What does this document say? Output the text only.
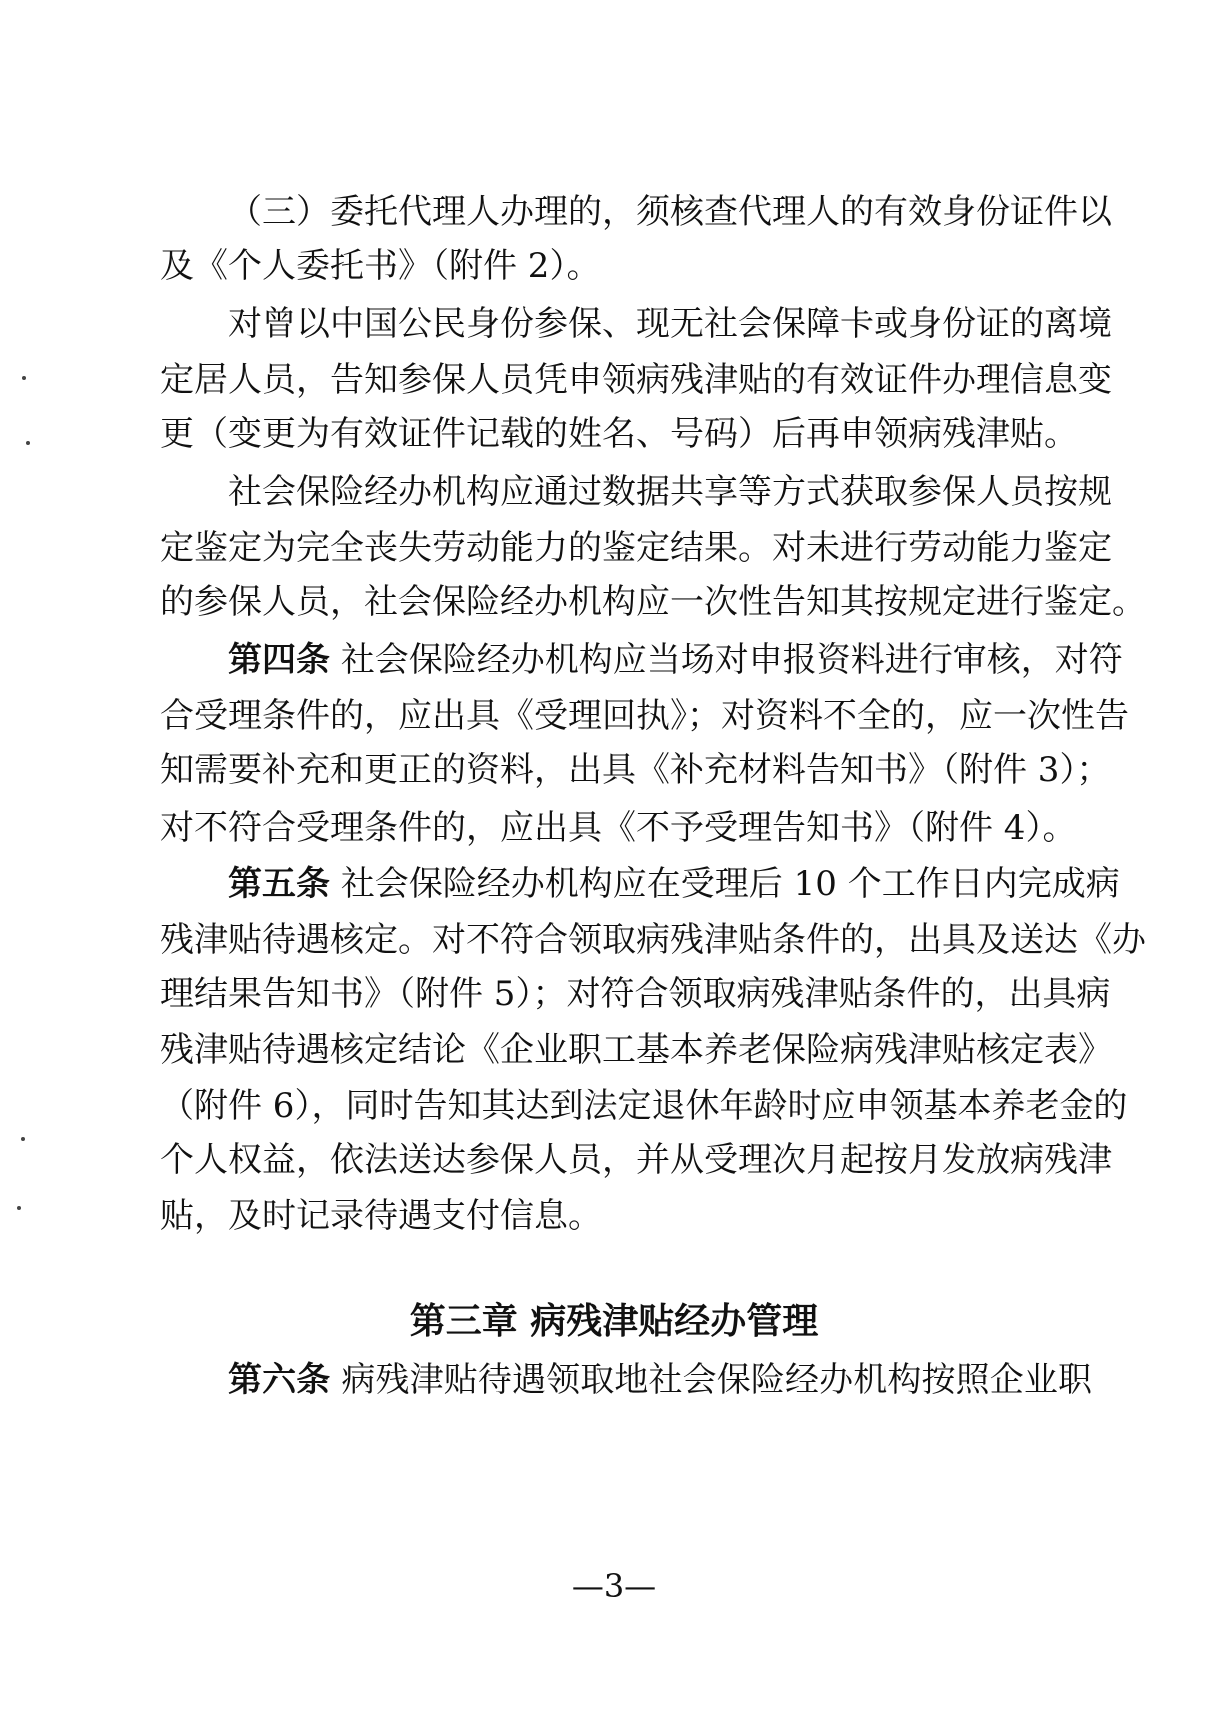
（三）委托代理人办理的，须核查代理人的有效身份证件以
及《个人委托书》（附件 2）。
对曾以中国公民身份参保、现无社会保障卡或身份证的离境
定居人员，告知参保人员凭申领病残津贴的有效证件办理信息变
更（变更为有效证件记载的姓名、号码）后再申领病残津贴。
社会保险经办机构应通过数据共享等方式获取参保人员按规
定鉴定为完全丧失劳动能力的鉴定结果。对未进行劳动能力鉴定
的参保人员，社会保险经办机构应一次性告知其按规定进行鉴定。
第四条 社会保险经办机构应当场对申报资料进行审核，对符
合受理条件的，应出具《受理回执》；对资料不全的，应一次性告
知需要补充和更正的资料，出具《补充材料告知书》（附件 3）；
对不符合受理条件的，应出具《不予受理告知书》（附件 4）。
第五条 社会保险经办机构应在受理后 10 个工作日内完成病
残津贴待遇核定。对不符合领取病残津贴条件的，出具及送达《办
理结果告知书》（附件 5）；对符合领取病残津贴条件的，出具病
残津贴待遇核定结论《企业职工基本养老保险病残津贴核定表》
（附件 6），同时告知其达到法定退休年龄时应申领基本养老金的
个人权益，依法送达参保人员，并从受理次月起按月发放病残津
贴，及时记录待遇支付信息。
第三章 病残津贴经办管理
第六条 病残津贴待遇领取地社会保险经办机构按照企业职
—3—
